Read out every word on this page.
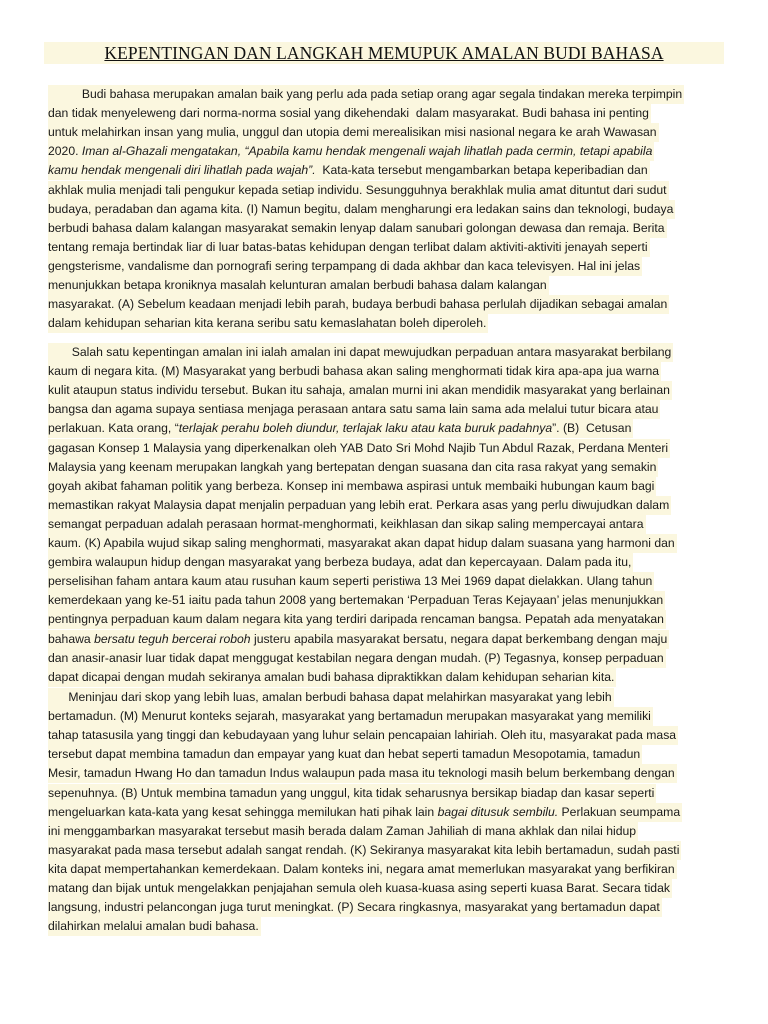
KEPENTINGAN DAN LANGKAH MEMUPUK AMALAN BUDI BAHASA
Budi bahasa merupakan amalan baik yang perlu ada pada setiap orang agar segala tindakan mereka terpimpin
dan tidak menyeleweng dari norma-norma sosial yang dikehendaki  dalam masyarakat. Budi bahasa ini penting
untuk melahirkan insan yang mulia, unggul dan utopia demi merealisikan misi nasional negara ke arah Wawasan
2020. Iman al-Ghazali mengatakan, “Apabila kamu hendak mengenali wajah lihatlah pada cermin, tetapi apabila
kamu hendak mengenali diri lihatlah pada wajah”.  Kata-kata tersebut mengambarkan betapa keperibadian dan
akhlak mulia menjadi tali pengukur kepada setiap individu. Sesungguhnya berakhlak mulia amat dituntut dari sudut
budaya, peradaban dan agama kita. (I) Namun begitu, dalam mengharungi era ledakan sains dan teknologi, budaya
berbudi bahasa dalam kalangan masyarakat semakin lenyap dalam sanubari golongan dewasa dan remaja. Berita
tentang remaja bertindak liar di luar batas-batas kehidupan dengan terlibat dalam aktiviti-aktiviti jenayah seperti
gengsterisme, vandalisme dan pornografi sering terpampang di dada akhbar dan kaca televisyen. Hal ini jelas
menunjukkan betapa kroniknya masalah kelunturan amalan berbudi bahasa dalam kalangan
masyarakat. (A) Sebelum keadaan menjadi lebih parah, budaya berbudi bahasa perlulah dijadikan sebagai amalan
dalam kehidupan seharian kita kerana seribu satu kemaslahatan boleh diperoleh.
Salah satu kepentingan amalan ini ialah amalan ini dapat mewujudkan perpaduan antara masyarakat berbilang
kaum di negara kita. (M) Masyarakat yang berbudi bahasa akan saling menghormati tidak kira apa-apa jua warna
kulit ataupun status individu tersebut. Bukan itu sahaja, amalan murni ini akan mendidik masyarakat yang berlainan
bangsa dan agama supaya sentiasa menjaga perasaan antara satu sama lain sama ada melalui tutur bicara atau
perlakuan. Kata orang, “terlajak perahu boleh diundur, terlajak laku atau kata buruk padahnya”. (B)  Cetusan
gagasan Konsep 1 Malaysia yang diperkenalkan oleh YAB Dato Sri Mohd Najib Tun Abdul Razak, Perdana Menteri
Malaysia yang keenam merupakan langkah yang bertepatan dengan suasana dan cita rasa rakyat yang semakin
goyah akibat fahaman politik yang berbeza. Konsep ini membawa aspirasi untuk membaiki hubungan kaum bagi
memastikan rakyat Malaysia dapat menjalin perpaduan yang lebih erat. Perkara asas yang perlu diwujudkan dalam
semangat perpaduan adalah perasaan hormat-menghormati, keikhlasan dan sikap saling mempercayai antara
kaum. (K) Apabila wujud sikap saling menghormati, masyarakat akan dapat hidup dalam suasana yang harmoni dan
gembira walaupun hidup dengan masyarakat yang berbeza budaya, adat dan kepercayaan. Dalam pada itu,
perselisihan faham antara kaum atau rusuhan kaum seperti peristiwa 13 Mei 1969 dapat dielakkan. Ulang tahun
kemerdekaan yang ke-51 iaitu pada tahun 2008 yang bertemakan ‘Perpaduan Teras Kejayaan’ jelas menunjukkan
pentingnya perpaduan kaum dalam negara kita yang terdiri daripada rencaman bangsa. Pepatah ada menyatakan
bahawa bersatu teguh bercerai roboh justeru apabila masyarakat bersatu, negara dapat berkembang dengan maju
dan anasir-anasir luar tidak dapat menggugat kestabilan negara dengan mudah. (P) Tegasnya, konsep perpaduan
dapat dicapai dengan mudah sekiranya amalan budi bahasa dipraktikkan dalam kehidupan seharian kita.
Meninjau dari skop yang lebih luas, amalan berbudi bahasa dapat melahirkan masyarakat yang lebih
bertamadun. (M) Menurut konteks sejarah, masyarakat yang bertamadun merupakan masyarakat yang memiliki
tahap tatasusila yang tinggi dan kebudayaan yang luhur selain pencapaian lahiriah. Oleh itu, masyarakat pada masa
tersebut dapat membina tamadun dan empayar yang kuat dan hebat seperti tamadun Mesopotamia, tamadun
Mesir, tamadun Hwang Ho dan tamadun Indus walaupun pada masa itu teknologi masih belum berkembang dengan
sepenuhnya. (B) Untuk membina tamadun yang unggul, kita tidak seharusnya bersikap biadap dan kasar seperti
mengeluarkan kata-kata yang kesat sehingga memilukan hati pihak lain bagai ditusuk sembilu. Perlakuan seumpama
ini menggambarkan masyarakat tersebut masih berada dalam Zaman Jahiliah di mana akhlak dan nilai hidup
masyarakat pada masa tersebut adalah sangat rendah. (K) Sekiranya masyarakat kita lebih bertamadun, sudah pasti
kita dapat mempertahankan kemerdekaan. Dalam konteks ini, negara amat memerlukan masyarakat yang berfikiran
matang dan bijak untuk mengelakkan penjajahan semula oleh kuasa-kuasa asing seperti kuasa Barat. Secara tidak
langsung, industri pelancongan juga turut meningkat. (P) Secara ringkasnya, masyarakat yang bertamadun dapat
dilahirkan melalui amalan budi bahasa.
